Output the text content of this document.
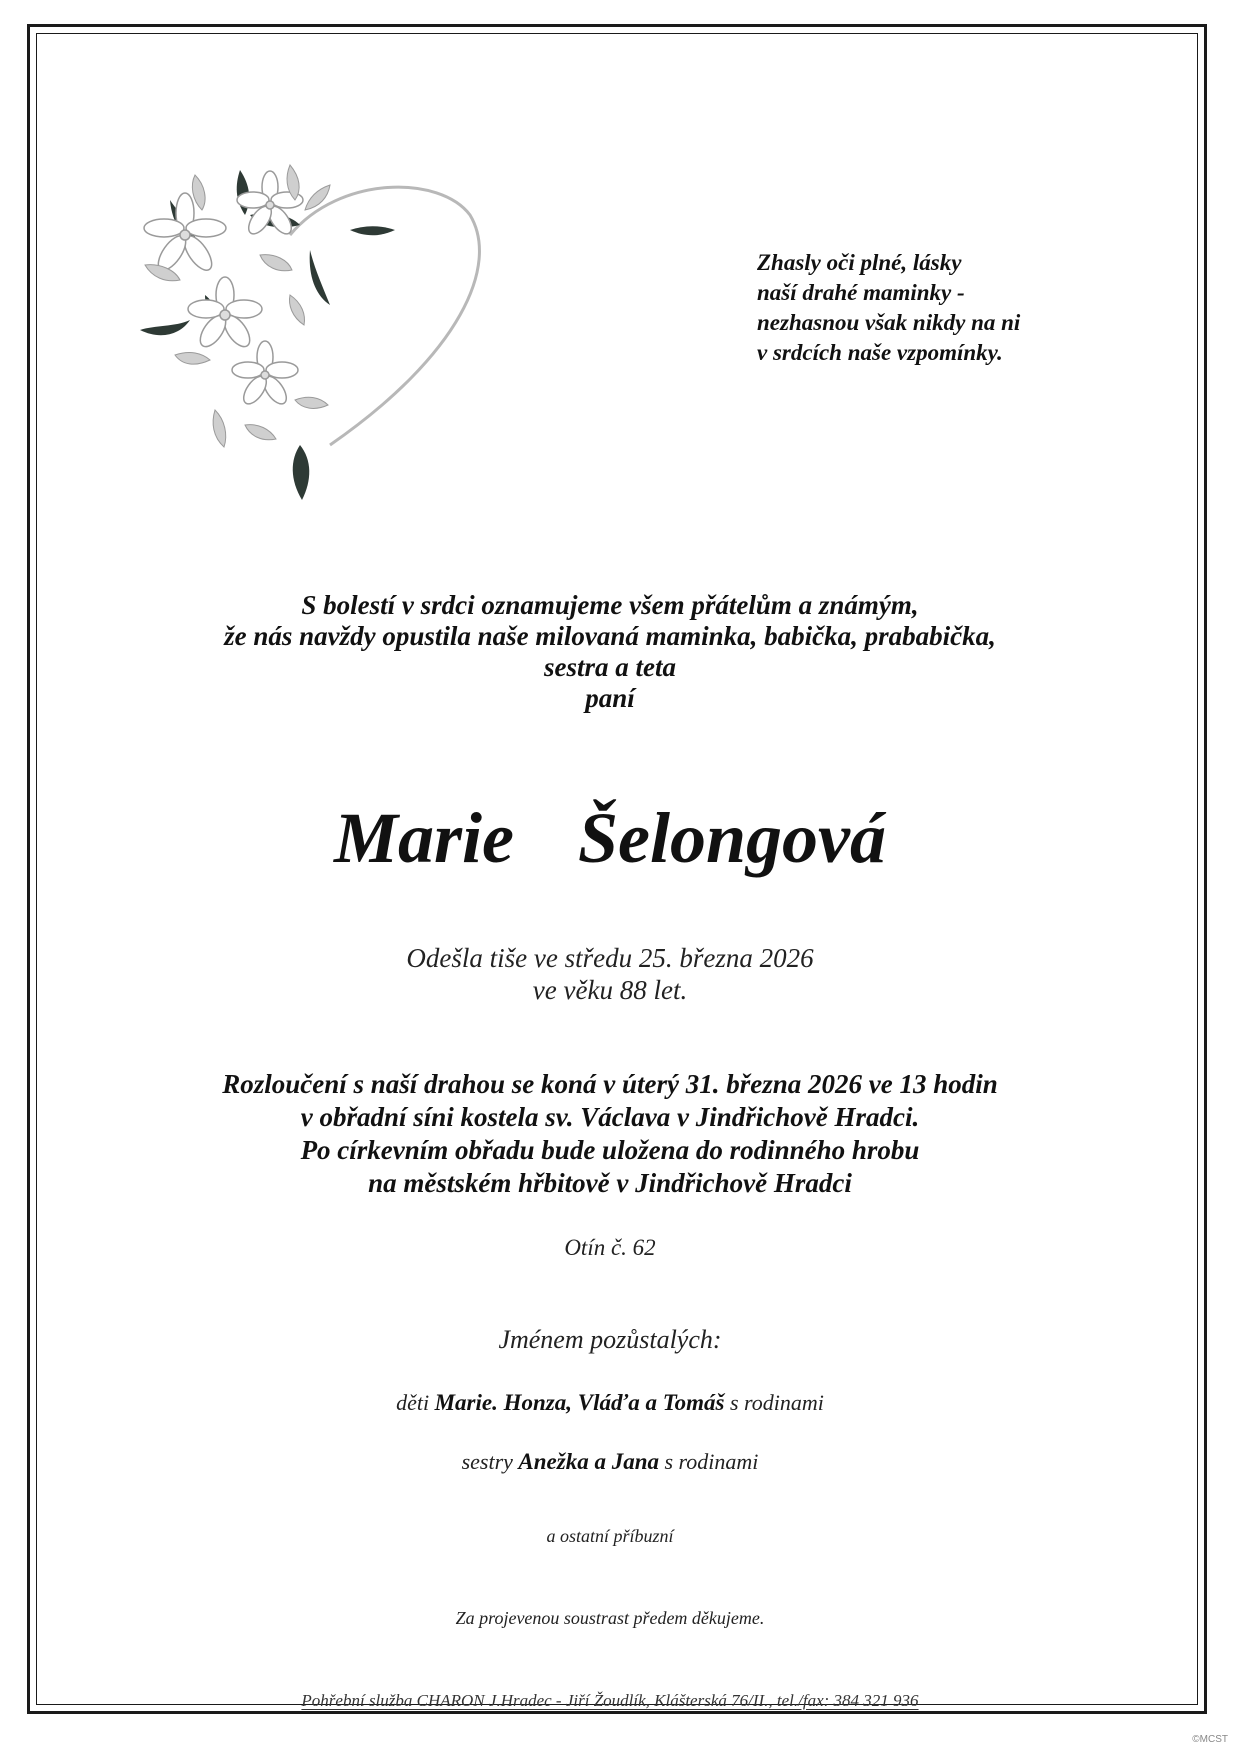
Zhasly oči plné, lásky
naší drahé maminky -
nezhasnou však nikdy na ni
v srdcích naše vzpomínky.
S bolestí v srdci oznamujeme všem přátelům a známým,
že nás navždy opustila naše milovaná maminka, babička, prababička,
sestra a teta
paní
Marie  Šelongová
Odešla tiše ve středu 25. března 2026
ve věku 88 let.
Rozloučení s naší drahou se koná v úterý 31. března 2026 ve 13 hodin
v obřadní síni kostela sv. Václava v Jindřichově Hradci.
Po církevním obřadu bude uložena do rodinného hrobu
na městském hřbitově v Jindřichově Hradci
Otín č. 62
Jménem pozůstalých:
děti Marie. Honza, Vláďa a Tomáš s rodinami
sestry Anežka a Jana s rodinami
a ostatní příbuzní
Za projevenou soustrast předem děkujeme.
Pohřební služba CHARON J.Hradec - Jiří Žoudlík, Klášterská 76/II., tel./fax: 384 321 936
©MCST
